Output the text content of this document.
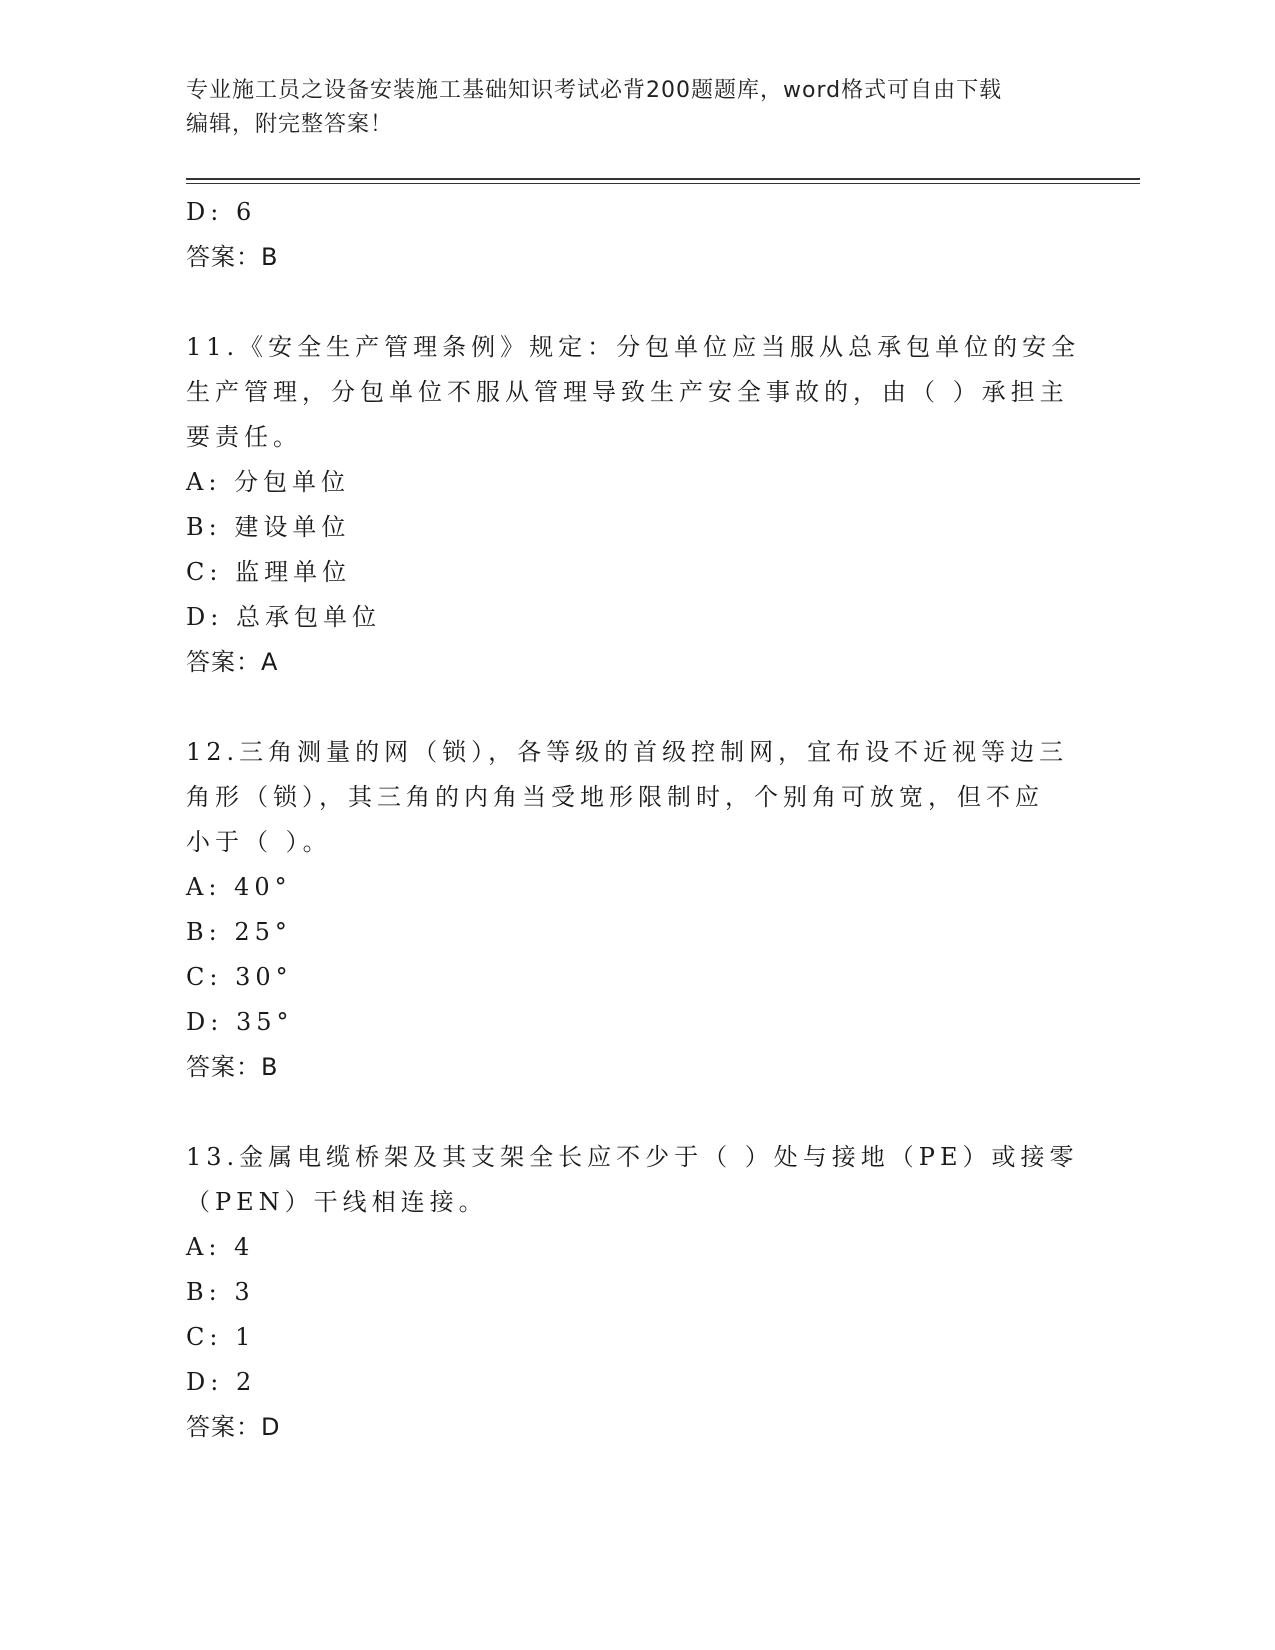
专业施工员之设备安装施工基础知识考试必背200题题库，word格式可自由下载
编辑，附完整答案！
D: 6
答案：B
11.《安全生产管理条例》规定：分包单位应当服从总承包单位的安全
生产管理，分包单位不服从管理导致生产安全事故的，由（ ）承担主
要责任。
A: 分包单位
B: 建设单位
C: 监理单位
D: 总承包单位
答案：A
12.三角测量的网（锁），各等级的首级控制网，宜布设不近视等边三
角形（锁），其三角的内角当受地形限制时，个别角可放宽，但不应
小于（ ）。
A: 40°
B: 25°
C: 30°
D: 35°
答案：B
13.金属电缆桥架及其支架全长应不少于（ ）处与接地（PE）或接零
（PEN）干线相连接。
A: 4
B: 3
C: 1
D: 2
答案：D
